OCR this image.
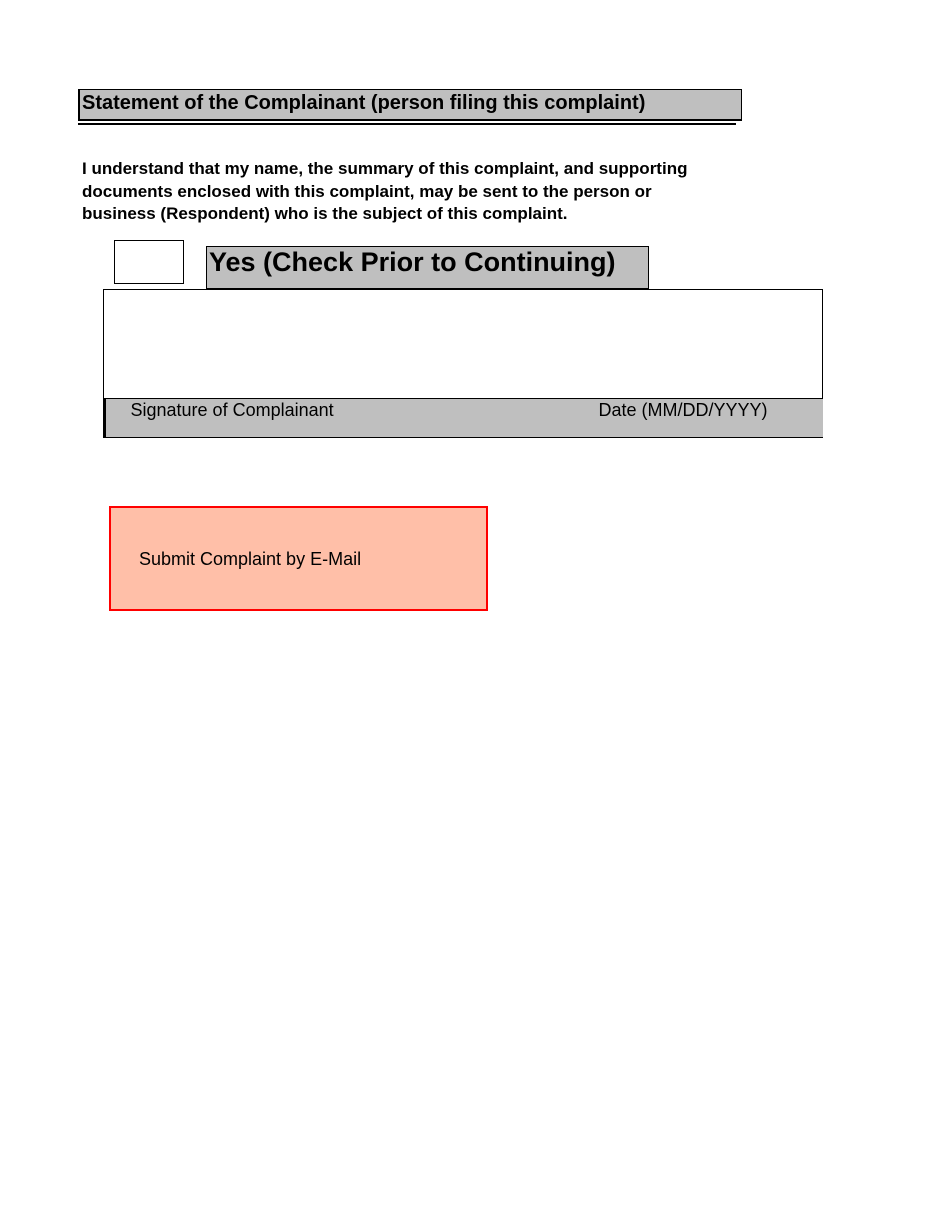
Statement of the Complainant (person filing this complaint)
I understand that my name, the summary of this complaint, and supporting
documents enclosed with this complaint, may be sent to the person or
business (Respondent) who is the subject of this complaint.
Yes (Check Prior to Continuing)
Signature of Complainant	Date (MM/DD/YYYY)
Submit Complaint by E-Mail
